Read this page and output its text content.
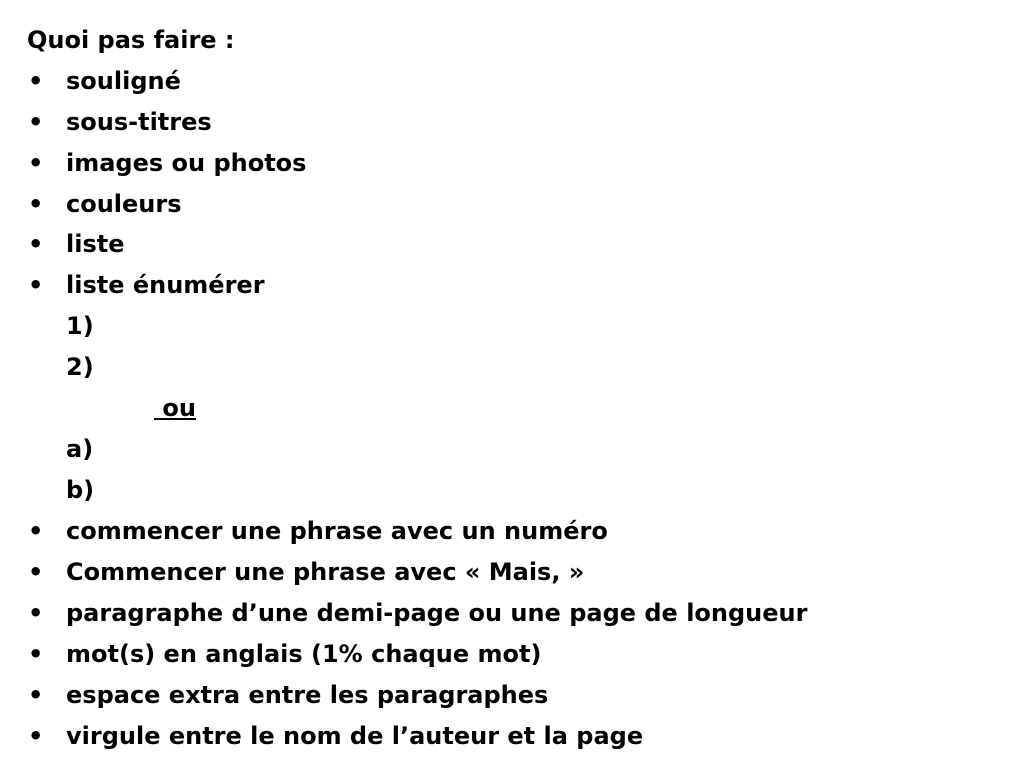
Quoi pas faire :
• souligné
• sous-titres
• images ou photos
• couleurs
• liste
• liste énumérer
1)
2)
ou
a)
b)
• commencer une phrase avec un numéro
• Commencer une phrase avec « Mais, »
• paragraphe d’une demi-page ou une page de longueur
• mot(s) en anglais (1% chaque mot)
• espace extra entre les paragraphes
• virgule entre le nom de l’auteur et la page
